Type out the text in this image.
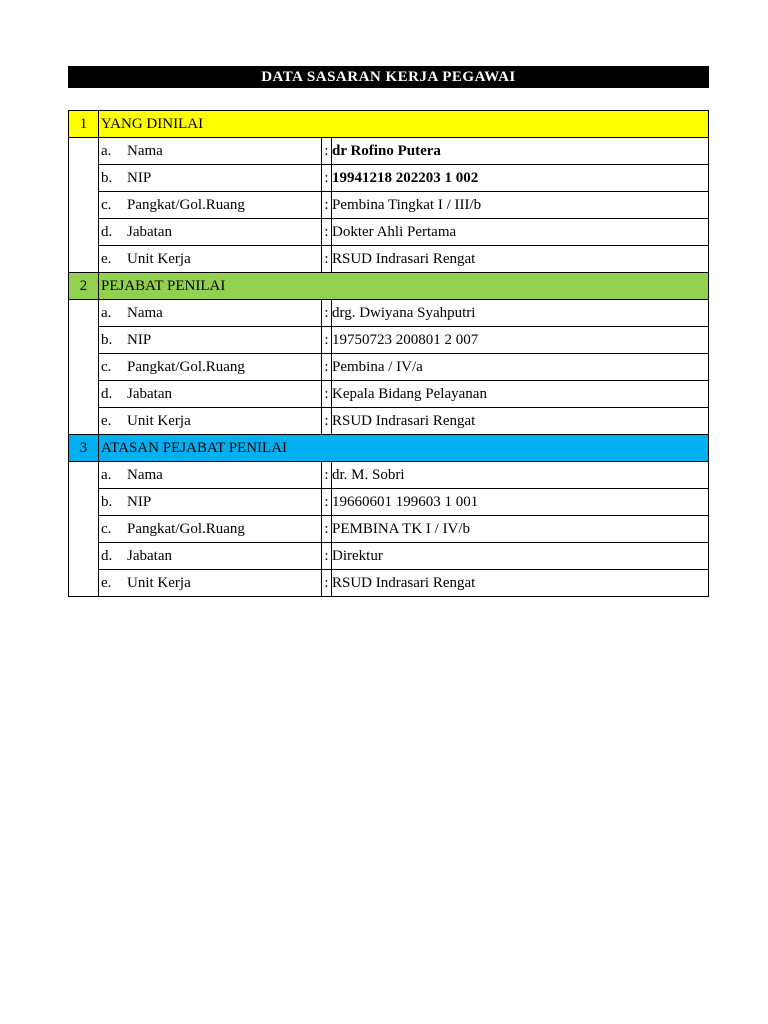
DATA SASARAN KERJA PEGAWAI
1	YANG DINILAI		
	a. Nama	:	dr Rofino Putera
	b. NIP	:	19941218 202203 1 002
	c. Pangkat/Gol.Ruang	:	Pembina Tingkat I / III/b
	d. Jabatan	:	Dokter Ahli Pertama
	e. Unit Kerja	:	RSUD Indrasari Rengat
2	PEJABAT PENILAI		
	a. Nama	:	drg. Dwiyana Syahputri
	b. NIP	:	19750723 200801 2 007
	c. Pangkat/Gol.Ruang	:	Pembina / IV/a
	d. Jabatan	:	Kepala Bidang Pelayanan
	e. Unit Kerja	:	RSUD Indrasari Rengat
3	ATASAN PEJABAT PENILAI		
	a. Nama	:	dr. M. Sobri
	b. NIP	:	19660601 199603 1 001
	c. Pangkat/Gol.Ruang	:	PEMBINA TK I / IV/b
	d. Jabatan	:	Direktur
	e. Unit Kerja	:	RSUD Indrasari Rengat
